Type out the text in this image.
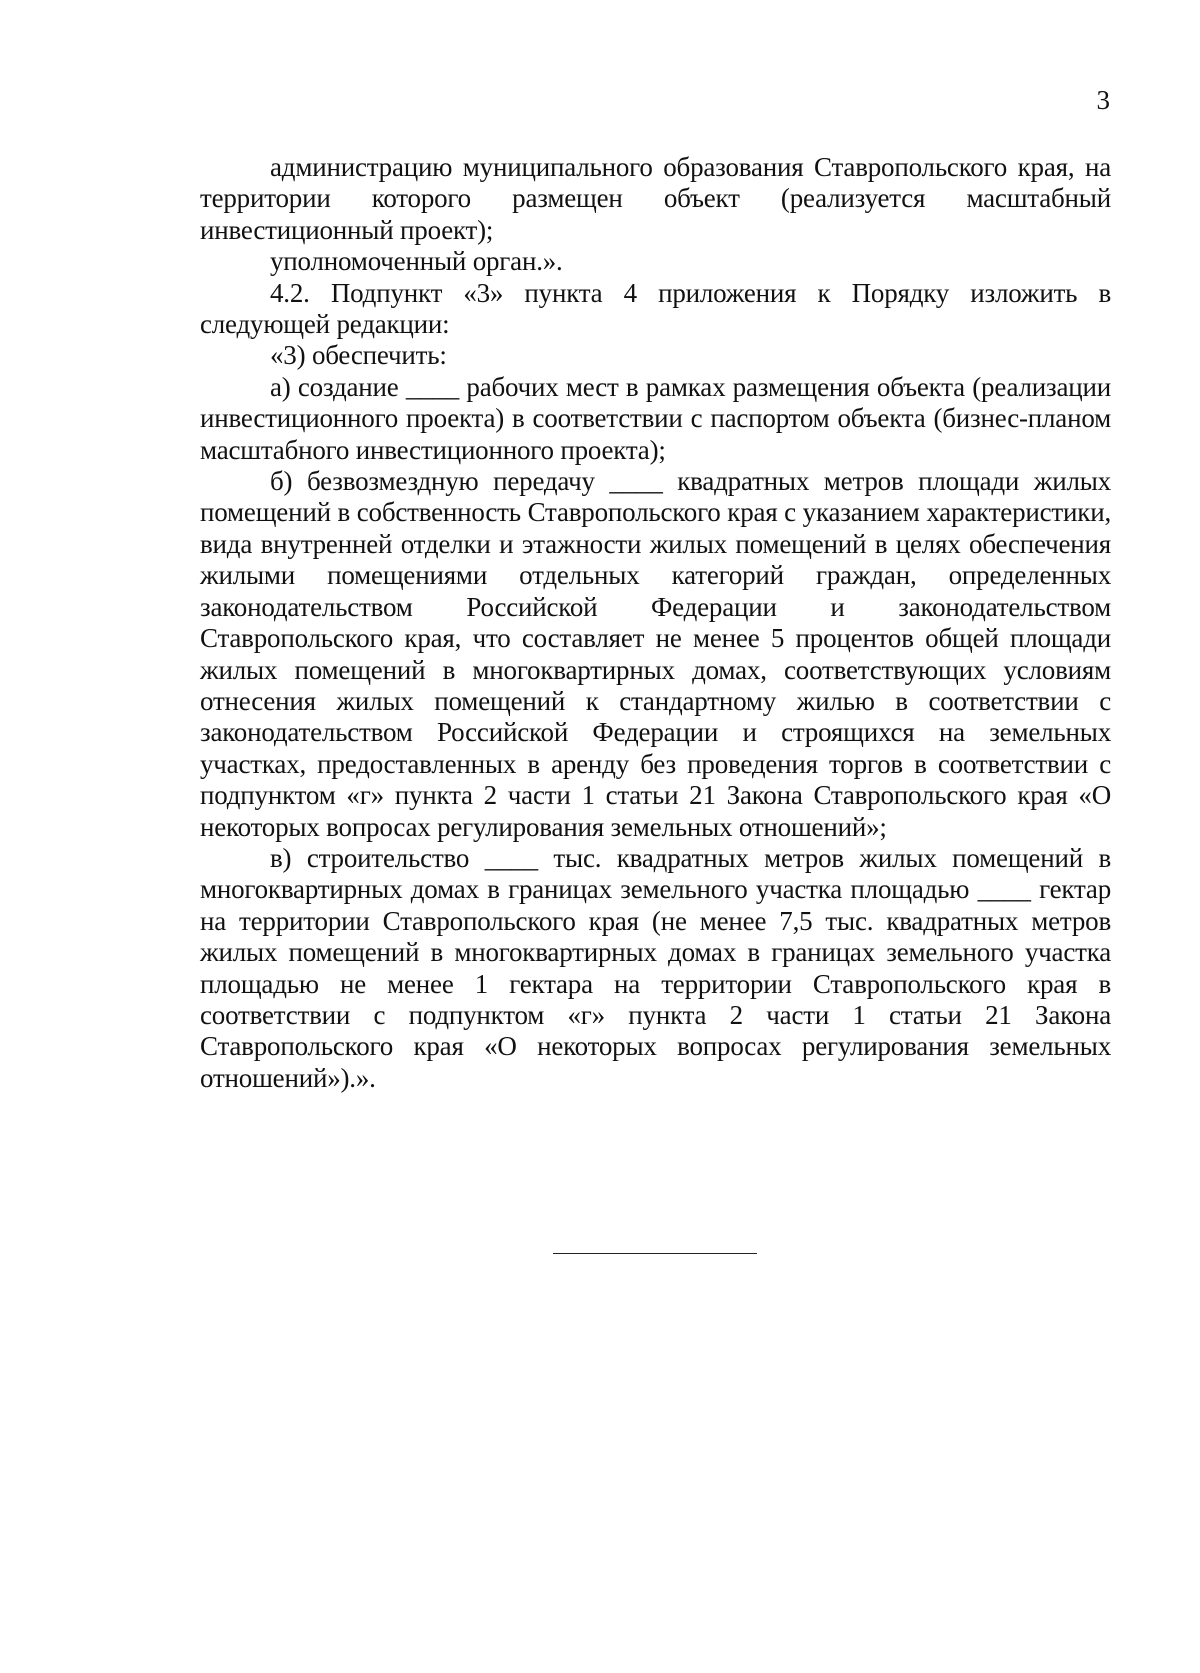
3

администрацию муниципального образования Ставропольского края, на территории которого размещен объект (реализуется масштабный инвестиционный проект);

уполномоченный орган.».

4.2. Подпункт «3» пункта 4 приложения к Порядку изложить в следующей редакции:

«3) обеспечить:

а) создание ____ рабочих мест в рамках размещения объекта (реализации инвестиционного проекта) в соответствии с паспортом объекта (бизнес-планом масштабного инвестиционного проекта);

б) безвозмездную передачу ____ квадратных метров площади жилых помещений в собственность Ставропольского края с указанием характеристики, вида внутренней отделки и этажности жилых помещений в целях обеспечения жилыми помещениями отдельных категорий граждан, определенных законодательством Российской Федерации и законодательством Ставропольского края, что составляет не менее 5 процентов общей площади жилых помещений в многоквартирных домах, соответствующих условиям отнесения жилых помещений к стандартному жилью в соответствии с законодательством Российской Федерации и строящихся на земельных участках, предоставленных в аренду без проведения торгов в соответствии с подпунктом «г» пункта 2 части 1 статьи 21 Закона Ставропольского края «О некоторых вопросах регулирования земельных отношений»;

в) строительство ____ тыс. квадратных метров жилых помещений в многоквартирных домах в границах земельного участка площадью ____ гектар на территории Ставропольского края (не менее 7,5 тыс. квадратных метров жилых помещений в многоквартирных домах в границах земельного участка площадью не менее 1 гектара на территории Ставропольского края в соответствии с подпунктом «г» пункта 2 части 1 статьи 21 Закона Ставропольского края «О некоторых вопросах регулирования земельных отношений»).».
